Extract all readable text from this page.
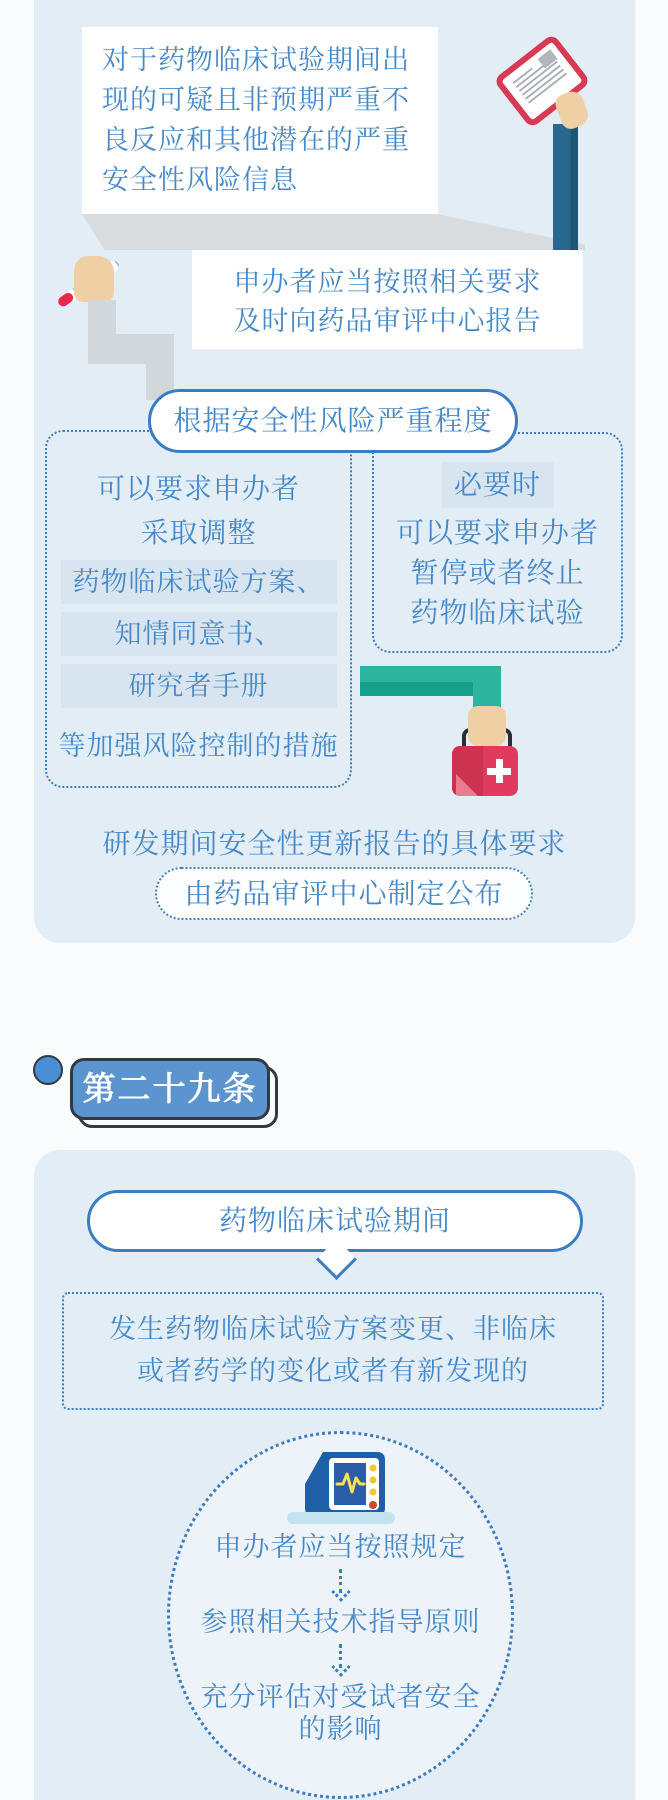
对于药物临床试验期间出
现的可疑且非预期严重不
良反应和其他潜在的严重
安全性风险信息
申办者应当按照相关要求
及时向药品审评中心报告
根据安全性风险严重程度
可以要求申办者
采取调整
药物临床试验方案、
知情同意书、
研究者手册
等加强风险控制的措施
必要时
可以要求申办者
暂停或者终止
药物临床试验
研发期间安全性更新报告的具体要求
由药品审评中心制定公布
第二十九条
药物临床试验期间
发生药物临床试验方案变更、非临床
或者药学的变化或者有新发现的
申办者应当按照规定
参照相关技术指导原则
充分评估对受试者安全的影响
